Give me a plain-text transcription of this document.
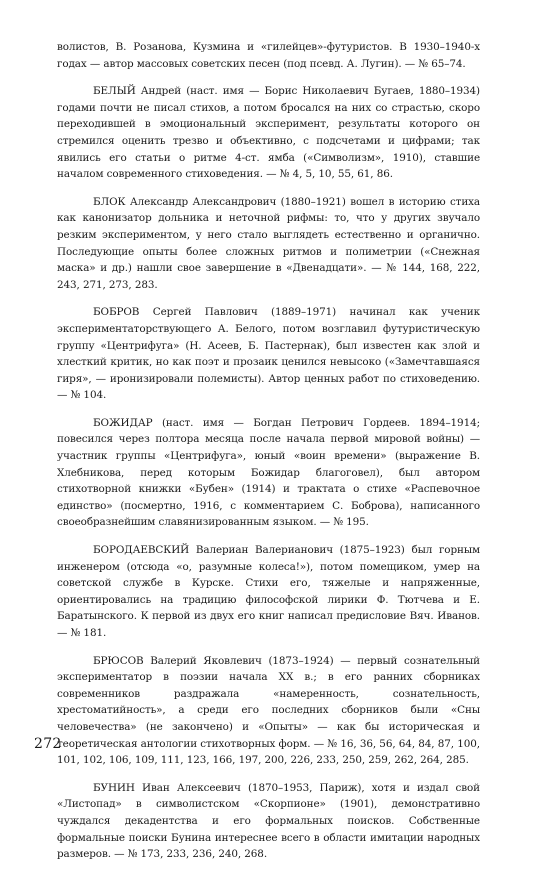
волистов, В. Розанова, Кузмина и «гилейцев»-футуристов. В 1930–1940-х годах — автор массовых советских песен (под псевд. А. Лугин). — № 65–74.

БЕЛЫЙ Андрей (наст. имя — Борис Николаевич Бугаев, 1880–1934) годами почти не писал стихов, а потом бросался на них со страстью, скоро переходившей в эмоциональный эксперимент, результаты которого он стремился оценить трезво и объективно, с подсчетами и цифрами; так явились его статьи о ритме 4-ст. ямба («Символизм», 1910), ставшие началом современного стиховедения. — № 4, 5, 10, 55, 61, 86.

БЛОК Александр Александрович (1880–1921) вошел в историю стиха как канонизатор дольника и неточной рифмы: то, что у других звучало резким экспериментом, у него стало выглядеть естественно и органично. Последующие опыты более сложных ритмов и полиметрии («Снежная маска» и др.) нашли свое завершение в «Двенадцати». — № 144, 168, 222, 243, 271, 273, 283.

БОБРОВ Сергей Павлович (1889–1971) начинал как ученик экспериментаторствующего А. Белого, потом возглавил футуристическую группу «Центрифуга» (Н. Асеев, Б. Пастернак), был известен как злой и хлесткий критик, но как поэт и прозаик ценился невысоко («Замечтавшаяся гиря», — иронизировали полемисты). Автор ценных работ по стиховедению. — № 104.

БОЖИДАР (наст. имя — Богдан Петрович Гордеев. 1894–1914; повесился через полтора месяца после начала первой мировой войны) — участник группы «Центрифуга», юный «воин времени» (выражение В. Хлебникова, перед которым Божидар благоговел), был автором стихотворной книжки «Бубен» (1914) и трактата о стихе «Распевочное единство» (посмертно, 1916, с комментарием С. Боброва), написанного своеобразнейшим славянизированным языком. — № 195.

БОРОДАЕВСКИЙ Валериан Валерианович (1875–1923) был горным инженером (отсюда «о, разумные колеса!»), потом помещиком, умер на советской службе в Курске. Стихи его, тяжелые и напряженные, ориентировались на традицию философской лирики Ф. Тютчева и Е. Баратынского. К первой из двух его книг написал предисловие Вяч. Иванов. — № 181.

БРЮСОВ Валерий Яковлевич (1873–1924) — первый сознательный экспериментатор в поэзии начала XX в.; в его ранних сборниках современников раздражала «намеренность, сознательность, хрестоматийность», а среди его последних сборников были «Сны человечества» (не закончено) и «Опыты» — как бы историческая и теоретическая антологии стихотворных форм. — № 16, 36, 56, 64, 84, 87, 100, 101, 102, 106, 109, 111, 123, 166, 197, 200, 226, 233, 250, 259, 262, 264, 285.

БУНИН Иван Алексеевич (1870–1953, Париж), хотя и издал свой «Листопад» в символистском «Скорпионе» (1901), демонстративно чуждался декадентства и его формальных поисков. Собственные формальные поиски Бунина интереснее всего в области имитации народных размеров. — № 173, 233, 236, 240, 268.

272
